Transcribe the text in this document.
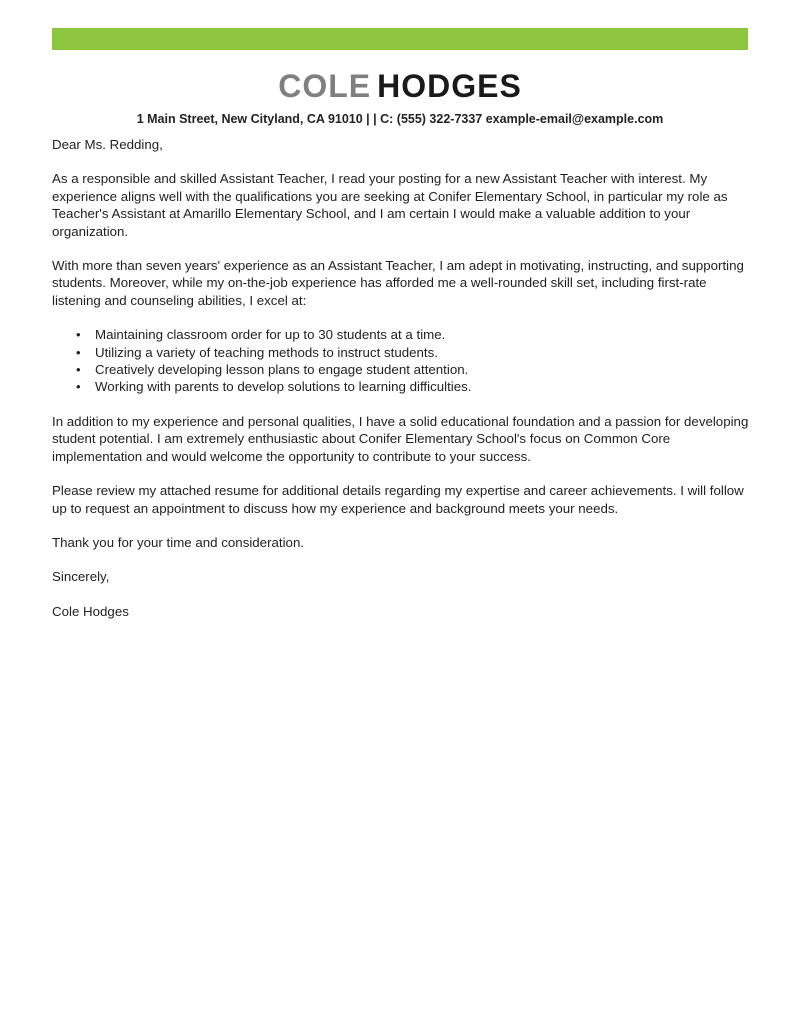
COLE HODGES
1 Main Street, New Cityland, CA 91010 | | C: (555) 322-7337 example-email@example.com

Dear Ms. Redding,

As a responsible and skilled Assistant Teacher, I read your posting for a new Assistant Teacher with interest. My experience aligns well with the qualifications you are seeking at Conifer Elementary School, in particular my role as Teacher's Assistant at Amarillo Elementary School, and I am certain I would make a valuable addition to your organization.

With more than seven years' experience as an Assistant Teacher, I am adept in motivating, instructing, and supporting students. Moreover, while my on-the-job experience has afforded me a well-rounded skill set, including first-rate listening and counseling abilities, I excel at:

• Maintaining classroom order for up to 30 students at a time.
• Utilizing a variety of teaching methods to instruct students.
• Creatively developing lesson plans to engage student attention.
• Working with parents to develop solutions to learning difficulties.

In addition to my experience and personal qualities, I have a solid educational foundation and a passion for developing student potential. I am extremely enthusiastic about Conifer Elementary School's focus on Common Core implementation and would welcome the opportunity to contribute to your success.

Please review my attached resume for additional details regarding my expertise and career achievements. I will follow up to request an appointment to discuss how my experience and background meets your needs.

Thank you for your time and consideration.

Sincerely,

Cole Hodges
